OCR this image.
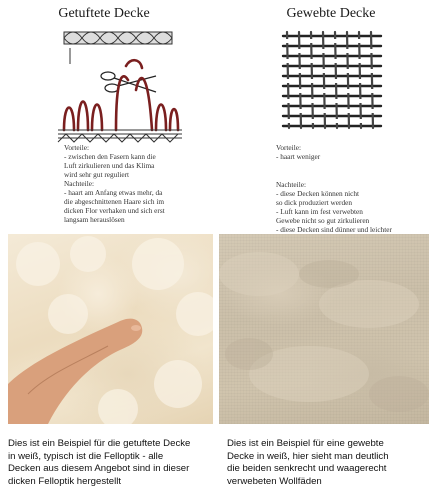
Getuftete Decke
Vorteile:
- zwischen den Fasern kann die
Luft zirkulieren und das Klima
wird sehr gut reguliert
Nachteile:
- haart am Anfang etwas mehr, da
die abgeschnittenen Haare sich im
dicken Flor verhaken und sich erst
langsam herauslösen
Dies ist ein Beispiel für die getuftete Decke
in weiß, typisch ist die Felloptik - alle
Decken aus diesem Angebot sind in dieser
dicken Felloptik hergestellt
Gewebte Decke
Vorteile:
- haart weniger
Nachteile:
- diese Decken können nicht
so dick produziert werden
- Luft kann im fest verwebten
Gewebe nicht so gut zirkulieren
- diese Decken sind dünner und leichter
Dies ist ein Beispiel für eine gewebte
Decke in weiß, hier sieht man deutlich
die beiden senkrecht und waagerecht
verwebeten Wollfäden
